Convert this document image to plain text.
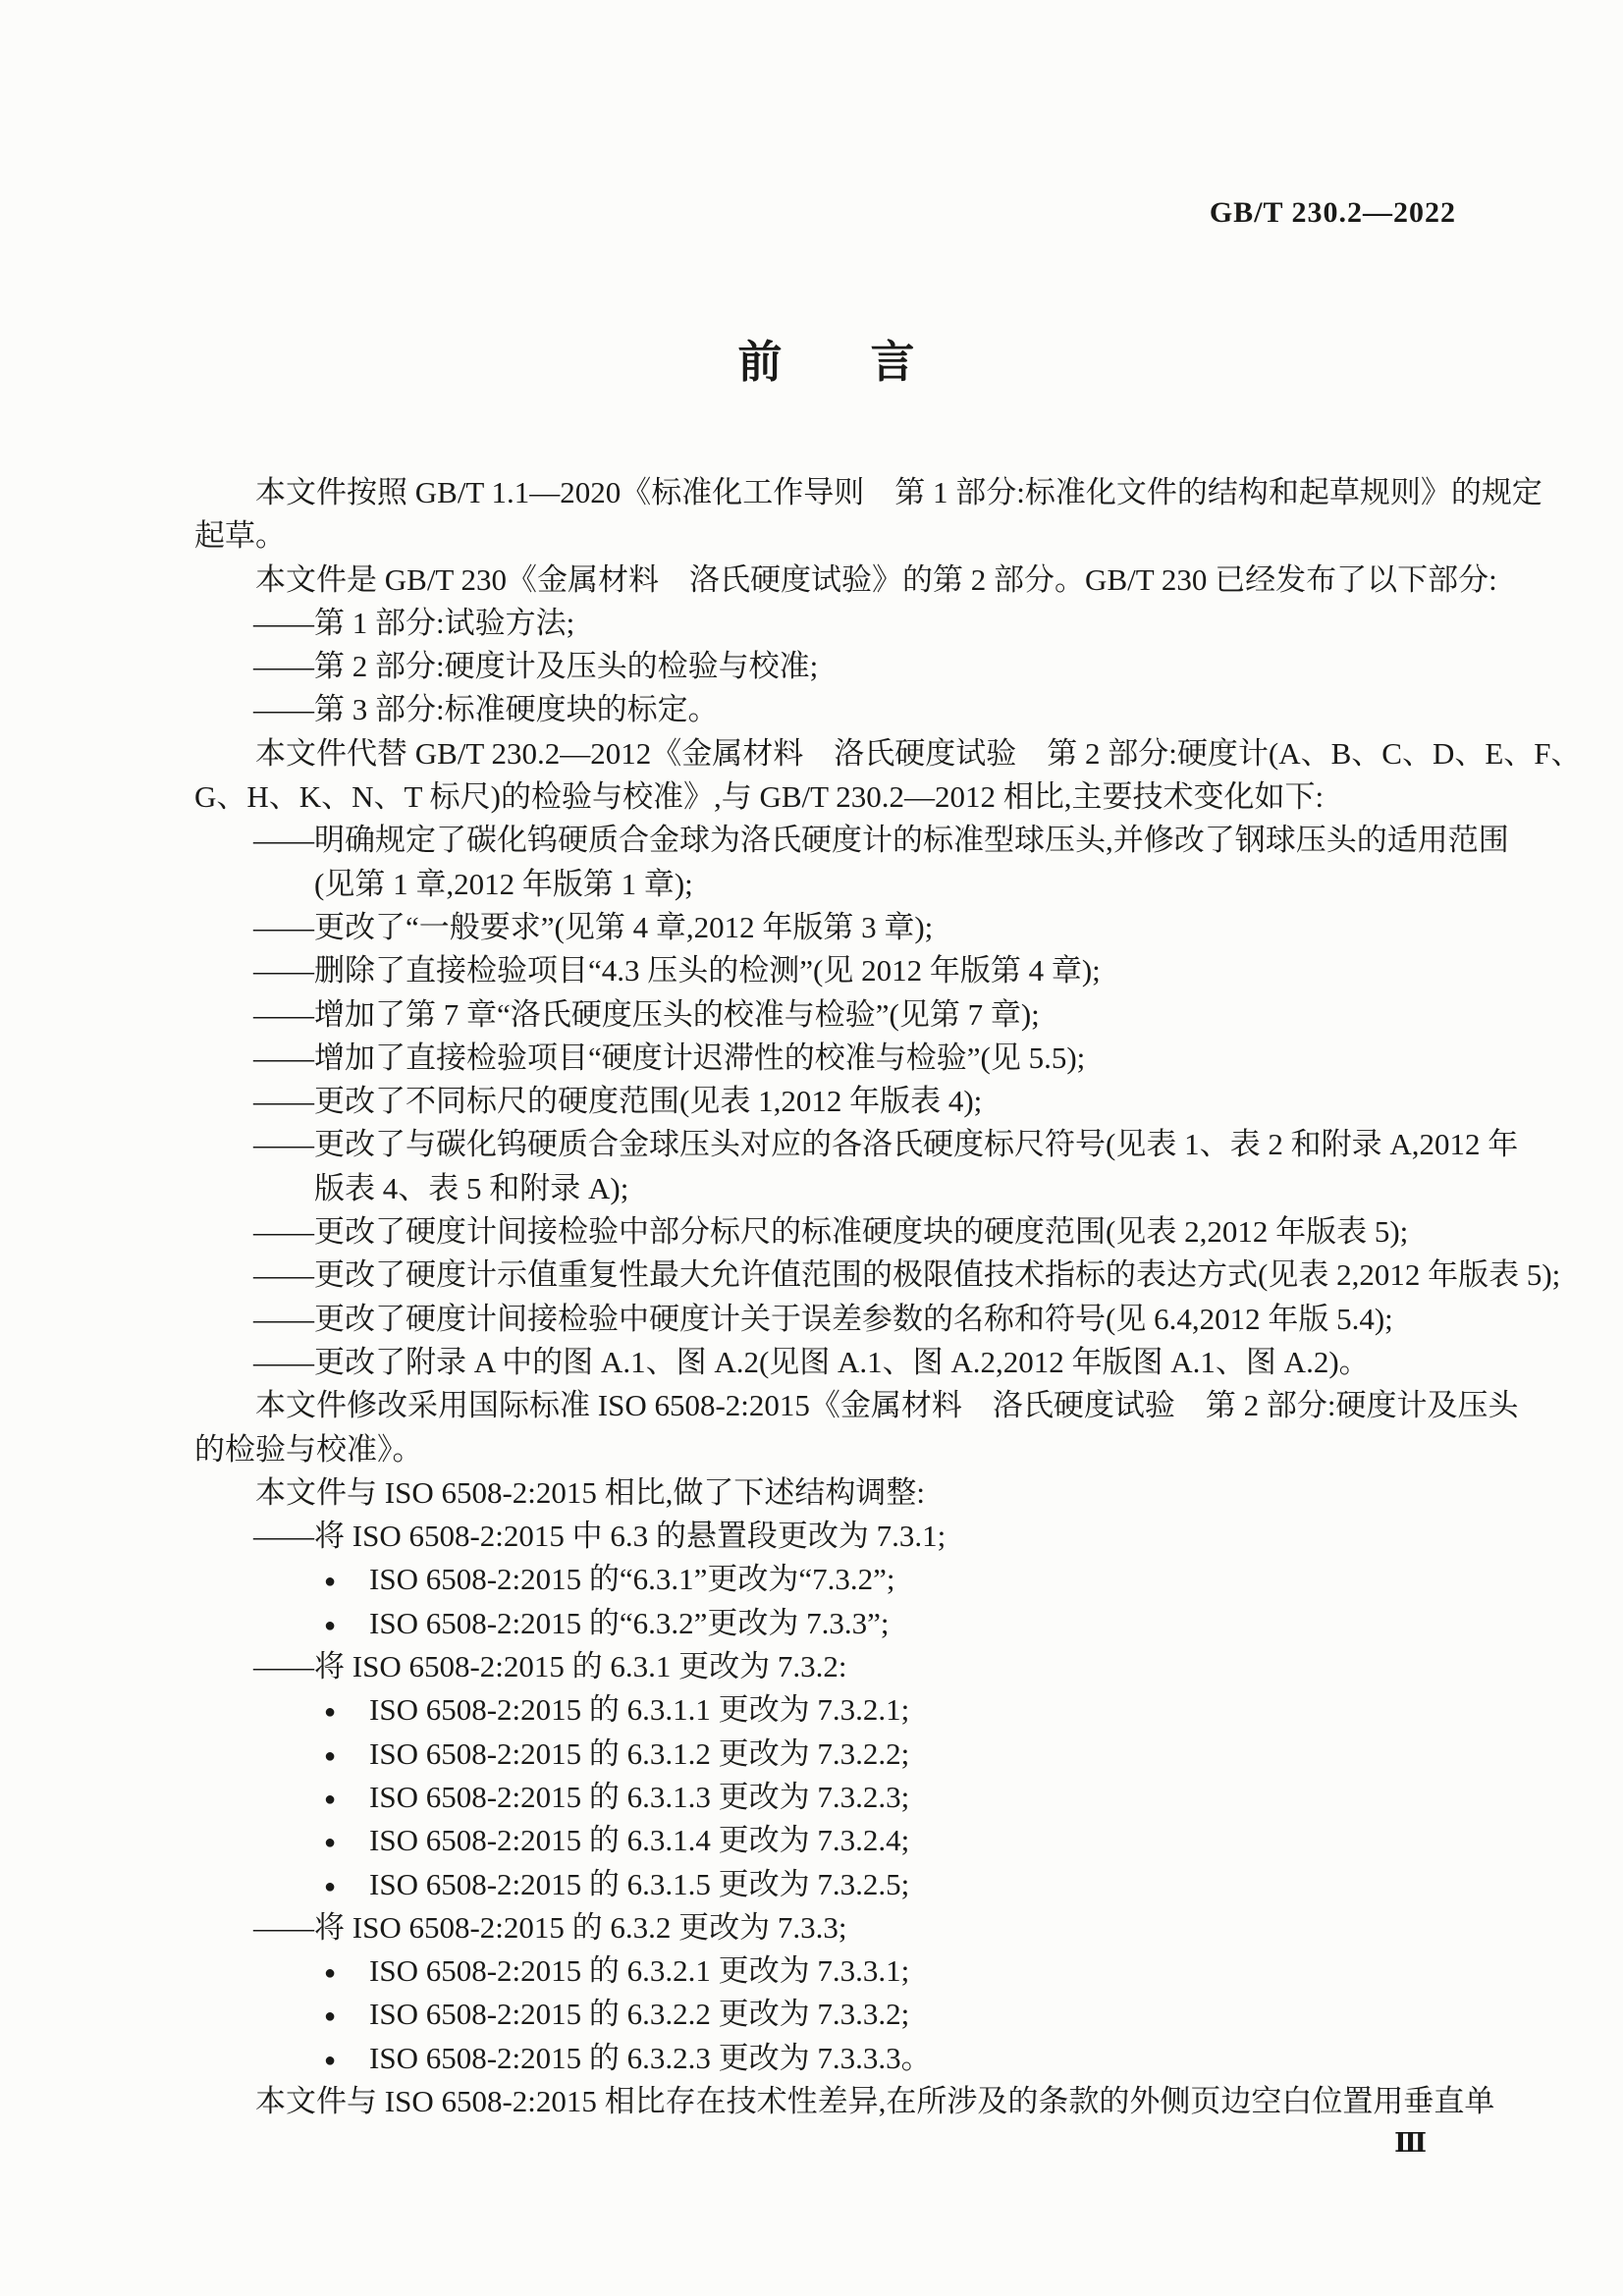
GB/T 230.2—2022
前 言
本文件按照 GB/T 1.1—2020《标准化工作导则　第 1 部分:标准化文件的结构和起草规则》的规定
起草。
本文件是 GB/T 230《金属材料　洛氏硬度试验》的第 2 部分。GB/T 230 已经发布了以下部分:
——第 1 部分:试验方法;
——第 2 部分:硬度计及压头的检验与校准;
——第 3 部分:标准硬度块的标定。
本文件代替 GB/T 230.2—2012《金属材料　洛氏硬度试验　第 2 部分:硬度计(A、B、C、D、E、F、
G、H、K、N、T 标尺)的检验与校准》,与 GB/T 230.2—2012 相比,主要技术变化如下:
——明确规定了碳化钨硬质合金球为洛氏硬度计的标准型球压头,并修改了钢球压头的适用范围
(见第 1 章,2012 年版第 1 章);
——更改了“一般要求”(见第 4 章,2012 年版第 3 章);
——删除了直接检验项目“4.3 压头的检测”(见 2012 年版第 4 章);
——增加了第 7 章“洛氏硬度压头的校准与检验”(见第 7 章);
——增加了直接检验项目“硬度计迟滞性的校准与检验”(见 5.5);
——更改了不同标尺的硬度范围(见表 1,2012 年版表 4);
——更改了与碳化钨硬质合金球压头对应的各洛氏硬度标尺符号(见表 1、表 2 和附录 A,2012 年
版表 4、表 5 和附录 A);
——更改了硬度计间接检验中部分标尺的标准硬度块的硬度范围(见表 2,2012 年版表 5);
——更改了硬度计示值重复性最大允许值范围的极限值技术指标的表达方式(见表 2,2012 年版表 5);
——更改了硬度计间接检验中硬度计关于误差参数的名称和符号(见 6.4,2012 年版 5.4);
——更改了附录 A 中的图 A.1、图 A.2(见图 A.1、图 A.2,2012 年版图 A.1、图 A.2)。
本文件修改采用国际标准 ISO 6508-2:2015《金属材料　洛氏硬度试验　第 2 部分:硬度计及压头
的检验与校准》。
本文件与 ISO 6508-2:2015 相比,做了下述结构调整:
——将 ISO 6508-2:2015 中 6.3 的悬置段更改为 7.3.1;
● ISO 6508-2:2015 的“6.3.1”更改为“7.3.2”;
● ISO 6508-2:2015 的“6.3.2”更改为 7.3.3”;
——将 ISO 6508-2:2015 的 6.3.1 更改为 7.3.2:
● ISO 6508-2:2015 的 6.3.1.1 更改为 7.3.2.1;
● ISO 6508-2:2015 的 6.3.1.2 更改为 7.3.2.2;
● ISO 6508-2:2015 的 6.3.1.3 更改为 7.3.2.3;
● ISO 6508-2:2015 的 6.3.1.4 更改为 7.3.2.4;
● ISO 6508-2:2015 的 6.3.1.5 更改为 7.3.2.5;
——将 ISO 6508-2:2015 的 6.3.2 更改为 7.3.3;
● ISO 6508-2:2015 的 6.3.2.1 更改为 7.3.3.1;
● ISO 6508-2:2015 的 6.3.2.2 更改为 7.3.3.2;
● ISO 6508-2:2015 的 6.3.2.3 更改为 7.3.3.3。
本文件与 ISO 6508-2:2015 相比存在技术性差异,在所涉及的条款的外侧页边空白位置用垂直单
Ⅲ
